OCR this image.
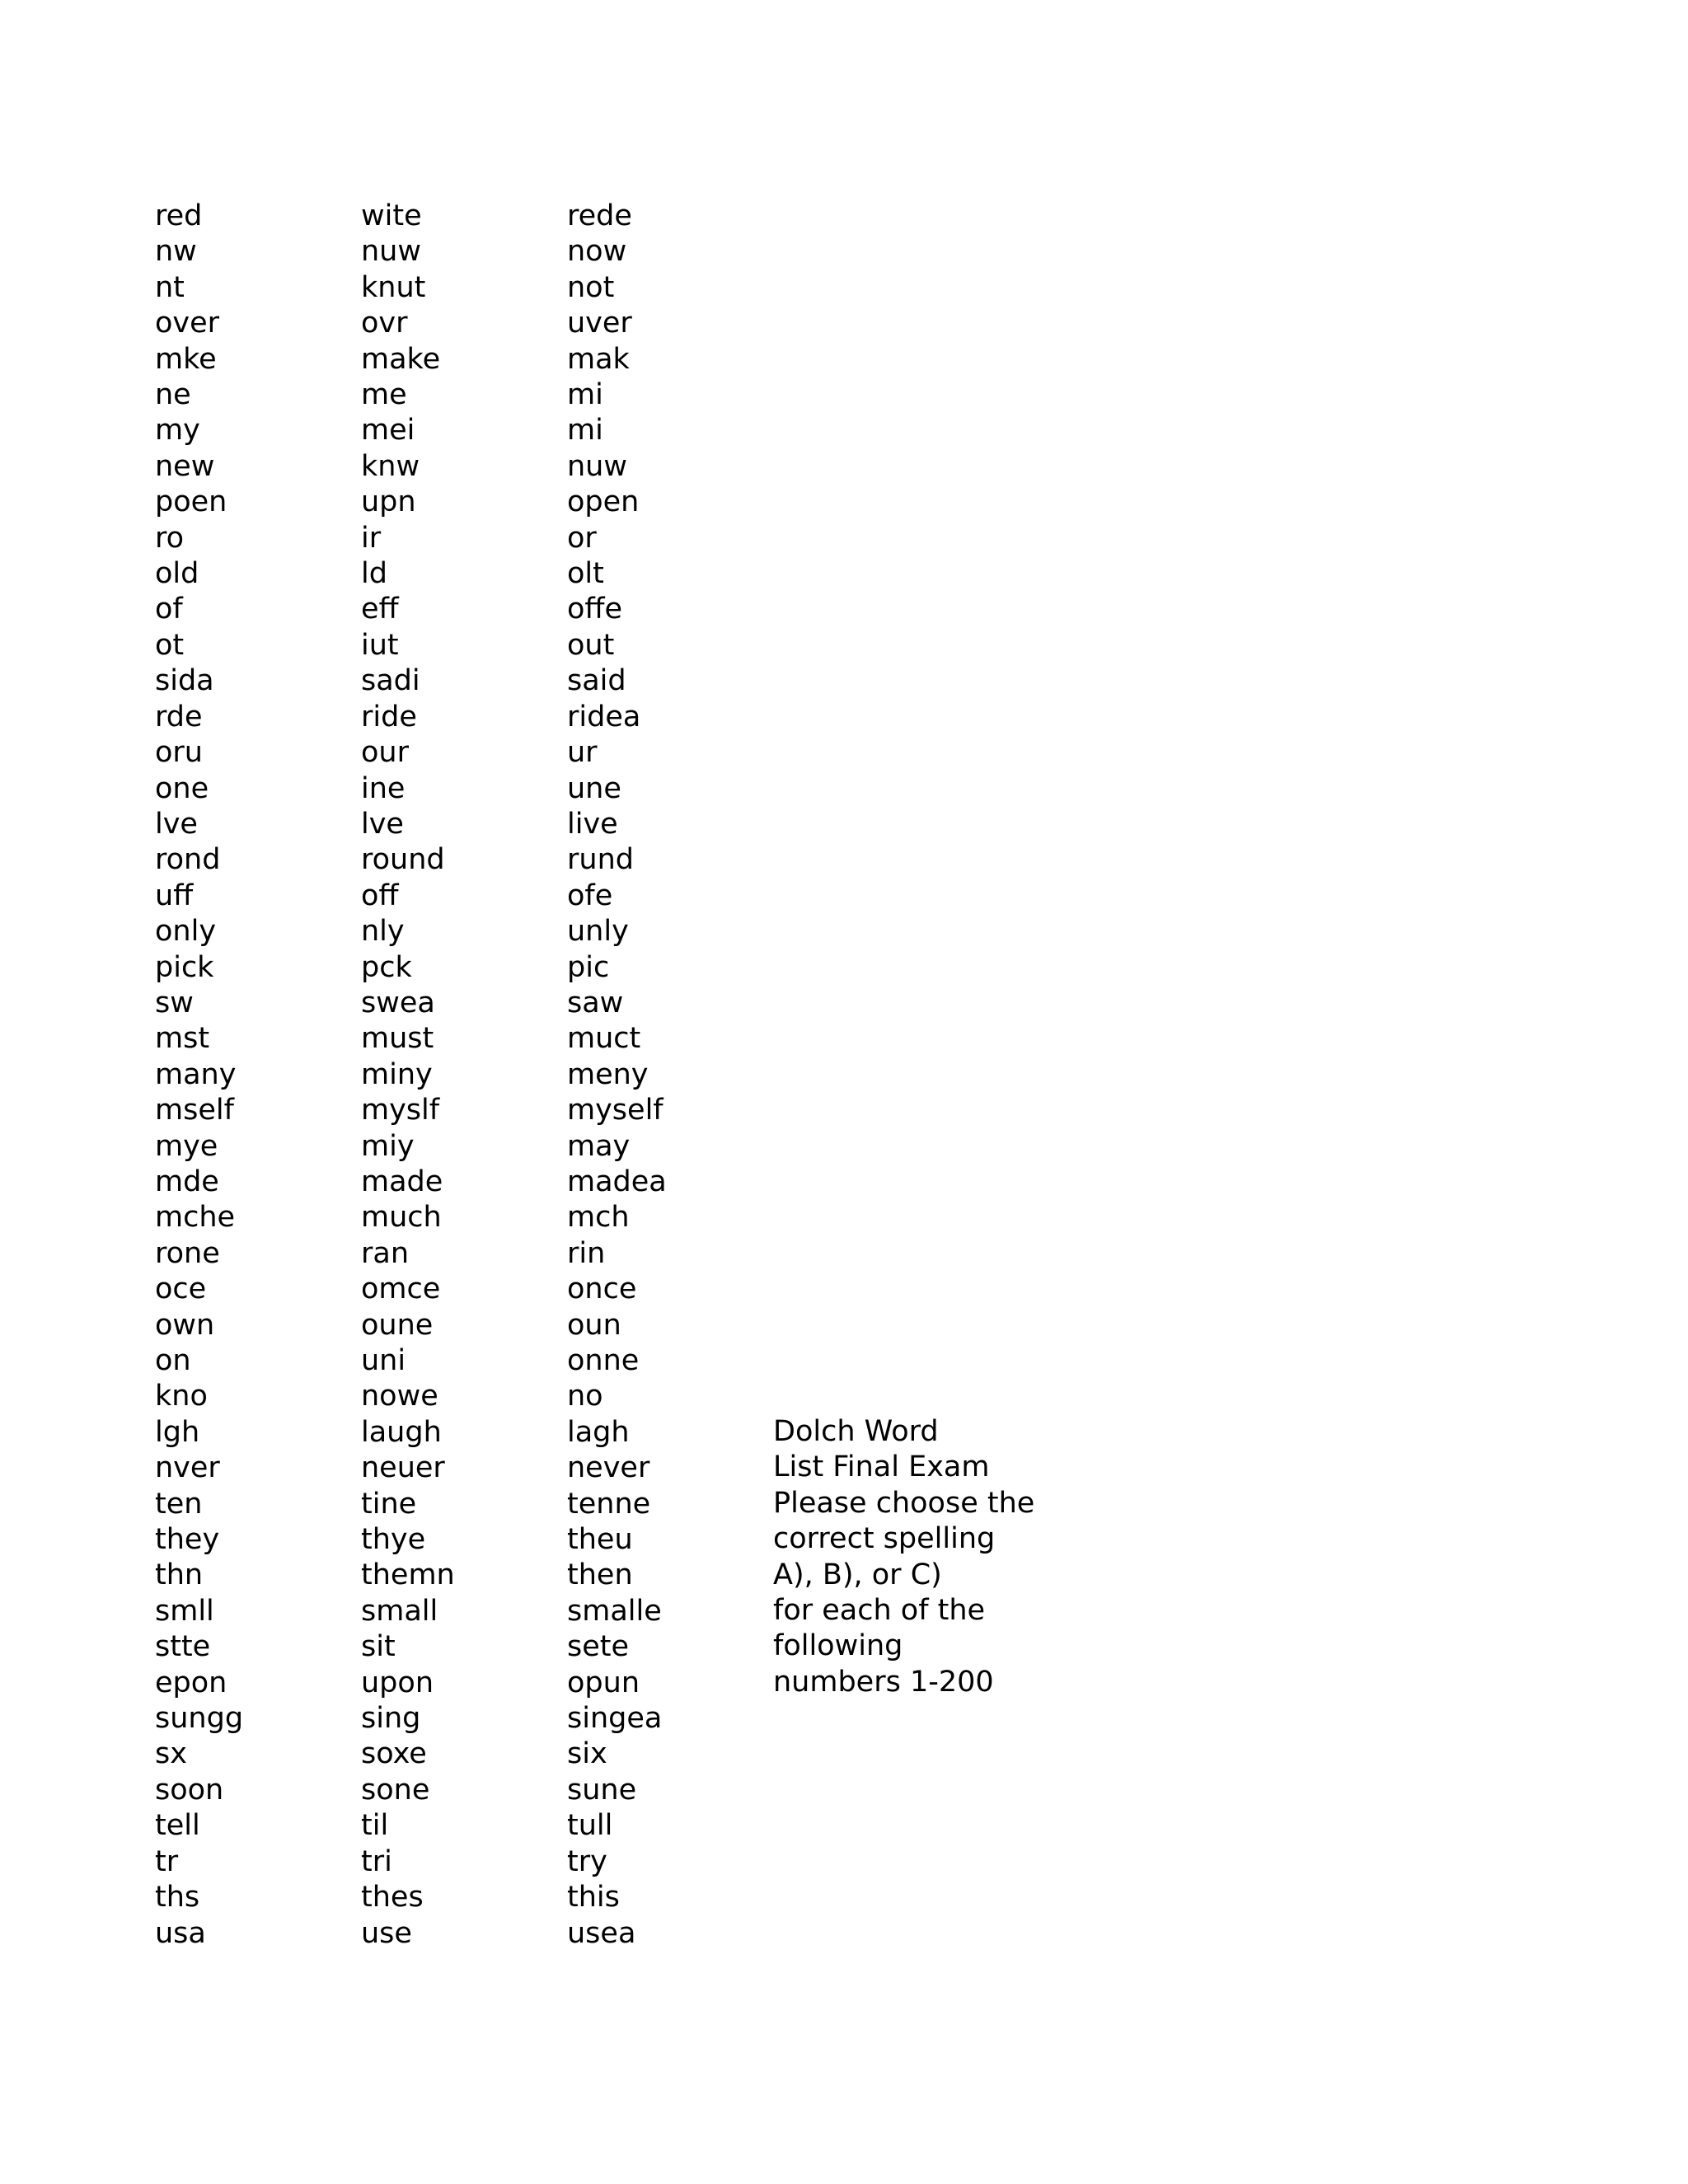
red	wite	rede
nw	nuw	now
nt	knut	not
over	ovr	uver
mke	make	mak
ne	me	mi
my	mei	mi
new	knw	nuw
poen	upn	open
ro	ir	or
old	ld	olt
of	eff	offe
ot	iut	out
sida	sadi	said
rde	ride	ridea
oru	our	ur
one	ine	une
lve	lve	live
rond	round	rund
uff	off	ofe
only	nly	unly
pick	pck	pic
sw	swea	saw
mst	must	muct
many	miny	meny
mself	myslf	myself
mye	miy	may
mde	made	madea
mche	much	mch
rone	ran	rin
oce	omce	once
own	oune	oun
on	uni	onne
kno	nowe	no
lgh	laugh	lagh
nver	neuer	never
ten	tine	tenne
they	thye	theu
thn	themn	then
smll	small	smalle
stte	sit	sete
epon	upon	opun
sungg	sing	singea
sx	soxe	six
soon	sone	sune
tell	til	tull
tr	tri	try
ths	thes	this
usa	use	usea
Dolch Word
List Final Exam
Please choose the
correct spelling
A), B), or C)
for each of the
following
numbers 1-200
